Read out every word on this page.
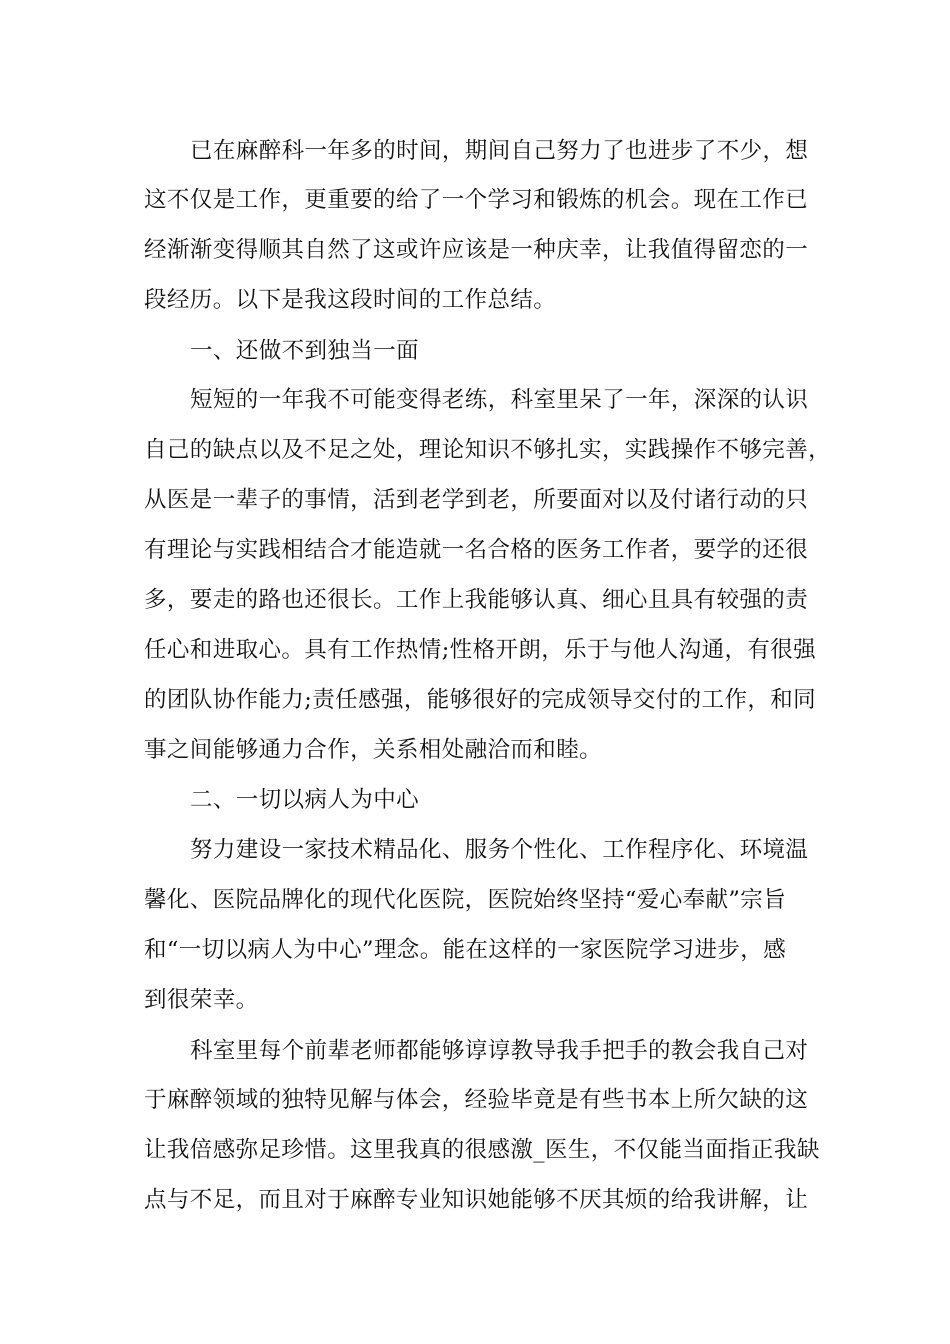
已在麻醉科一年多的时间，期间自己努力了也进步了不少，想

这不仅是工作，更重要的给了一个学习和锻炼的机会。现在工作已

经渐渐变得顺其自然了这或许应该是一种庆幸，让我值得留恋的一

段经历。以下是我这段时间的工作总结。

一、还做不到独当一面

短短的一年我不可能变得老练，科室里呆了一年，深深的认识

自己的缺点以及不足之处，理论知识不够扎实，实践操作不够完善，

从医是一辈子的事情，活到老学到老，所要面对以及付诸行动的只

有理论与实践相结合才能造就一名合格的医务工作者，要学的还很

多，要走的路也还很长。工作上我能够认真、细心且具有较强的责

任心和进取心。具有工作热情;性格开朗，乐于与他人沟通，有很强

的团队协作能力;责任感强，能够很好的完成领导交付的工作，和同

事之间能够通力合作，关系相处融洽而和睦。

二、一切以病人为中心

努力建设一家技术精品化、服务个性化、工作程序化、环境温

馨化、医院品牌化的现代化医院，医院始终坚持“爱心奉献”宗旨

和“一切以病人为中心”理念。能在这样的一家医院学习进步，感

到很荣幸。

科室里每个前辈老师都能够谆谆教导我手把手的教会我自己对

于麻醉领域的独特见解与体会，经验毕竟是有些书本上所欠缺的这

让我倍感弥足珍惜。这里我真的很感激_医生，不仅能当面指正我缺

点与不足，而且对于麻醉专业知识她能够不厌其烦的给我讲解，让
